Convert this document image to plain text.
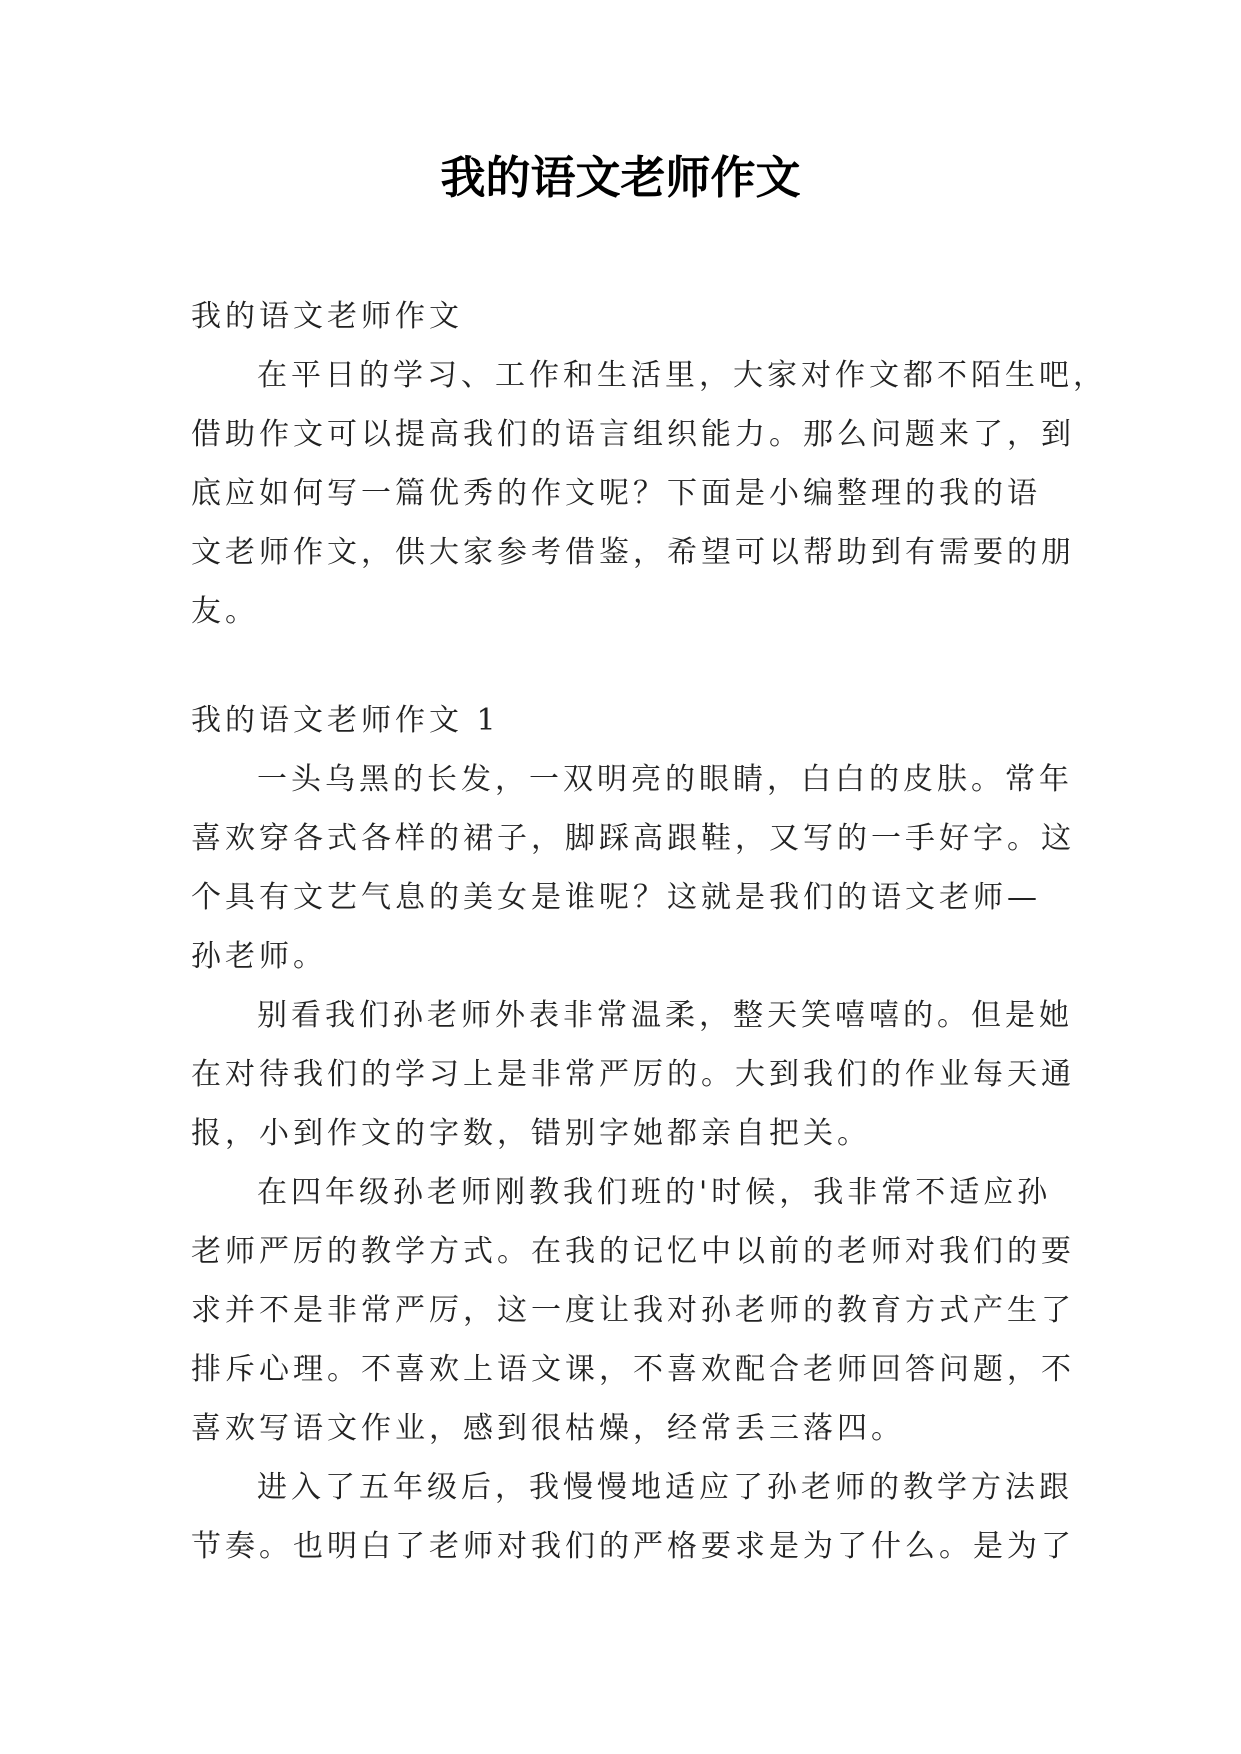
我的语文老师作文

我的语文老师作文

在平日的学习、工作和生活里，大家对作文都不陌生吧，

借助作文可以提高我们的语言组织能力。那么问题来了，到

底应如何写一篇优秀的作文呢？下面是小编整理的我的语

文老师作文，供大家参考借鉴，希望可以帮助到有需要的朋

友。

我的语文老师作文 1

一头乌黑的长发，一双明亮的眼睛，白白的皮肤。常年

喜欢穿各式各样的裙子，脚踩高跟鞋，又写的一手好字。这

个具有文艺气息的美女是谁呢？这就是我们的语文老师—

孙老师。

别看我们孙老师外表非常温柔，整天笑嘻嘻的。但是她

在对待我们的学习上是非常严厉的。大到我们的作业每天通

报，小到作文的字数，错别字她都亲自把关。

在四年级孙老师刚教我们班的'时候，我非常不适应孙

老师严厉的教学方式。在我的记忆中以前的老师对我们的要

求并不是非常严厉，这一度让我对孙老师的教育方式产生了

排斥心理。不喜欢上语文课，不喜欢配合老师回答问题，不

喜欢写语文作业，感到很枯燥，经常丢三落四。

进入了五年级后，我慢慢地适应了孙老师的教学方法跟

节奏。也明白了老师对我们的严格要求是为了什么。是为了
